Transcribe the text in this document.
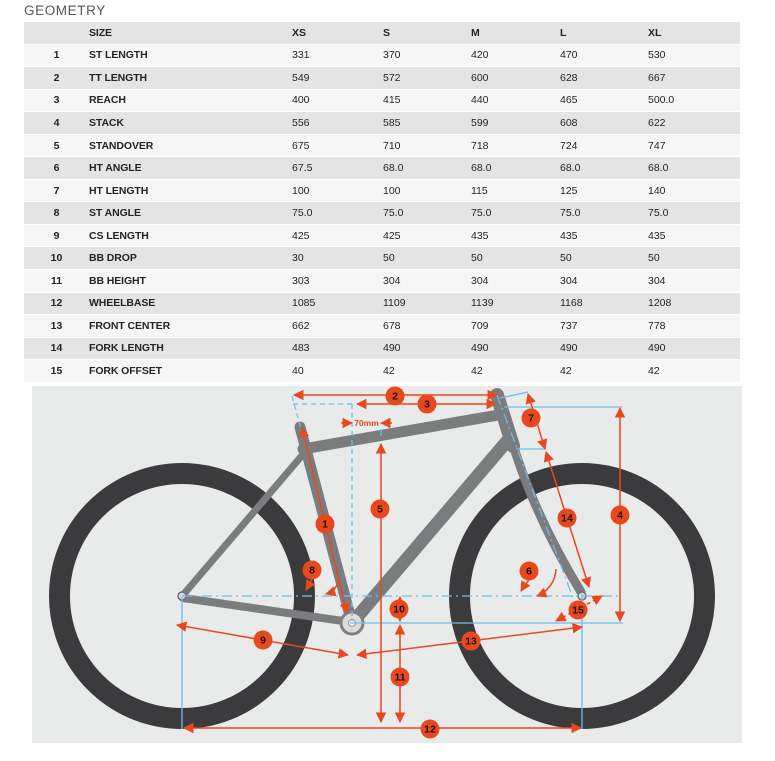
GEOMETRY
SIZE	XS	S	M	L	XL
1	ST LENGTH	331	370	420	470	530
2	TT LENGTH	549	572	600	628	667
3	REACH	400	415	440	465	500.0
4	STACK	556	585	599	608	622
5	STANDOVER	675	710	718	724	747
6	HT ANGLE	67.5	68.0	68.0	68.0	68.0
7	HT LENGTH	100	100	115	125	140
8	ST ANGLE	75.0	75.0	75.0	75.0	75.0
9	CS LENGTH	425	425	435	435	435
10	BB DROP	30	50	50	50	50
11	BB HEIGHT	303	304	304	304	304
12	WHEELBASE	1085	1109	1139	1168	1208
13	FRONT CENTER	662	678	709	737	778
14	FORK LENGTH	483	490	490	490	490
15	FORK OFFSET	40	42	42	42	42
70mm
1
2
3
4
5
6
7
8
9
10
11
12
13
14
15
